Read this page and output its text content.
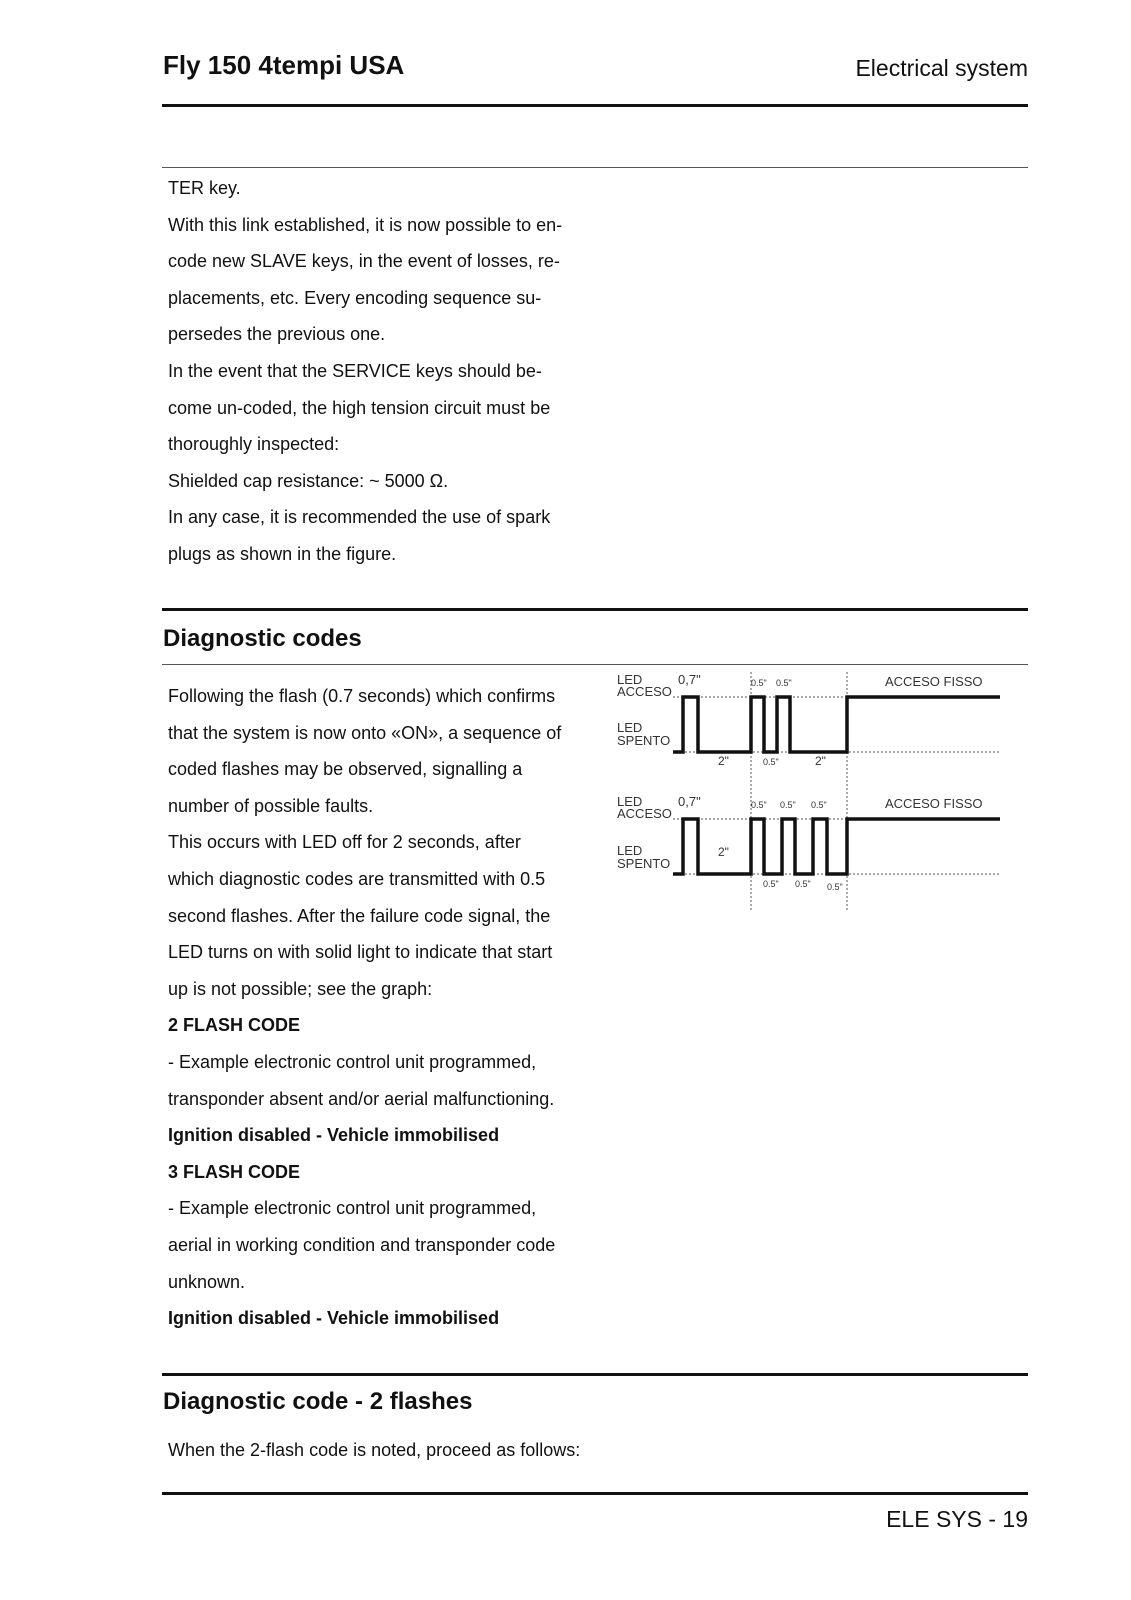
Fly 150 4tempi USA	Electrical system

TER key.

With this link established, it is now possible to en-

code new SLAVE keys, in the event of losses, re-

placements, etc. Every encoding sequence su-

persedes the previous one.

In the event that the SERVICE keys should be-

come un-coded, the high tension circuit must be

thoroughly inspected:

Shielded cap resistance: ~ 5000 Ω.

In any case, it is recommended the use of spark

plugs as shown in the figure.

Diagnostic codes

Following the flash (0.7 seconds) which confirms

that the system is now onto «ON», a sequence of

coded flashes may be observed, signalling a

number of possible faults.

This occurs with LED off for 2 seconds, after

which diagnostic codes are transmitted with 0.5

second flashes. After the failure code signal, the

LED turns on with solid light to indicate that start

up is not possible; see the graph:

2 FLASH CODE

- Example electronic control unit programmed,

transponder absent and/or aerial malfunctioning.

Ignition disabled - Vehicle immobilised

3 FLASH CODE

- Example electronic control unit programmed,

aerial in working condition and transponder code

unknown.

Ignition disabled - Vehicle immobilised

LED
ACCESO
LED
SPENTO
0,7"	0.5" 0.5"	ACCESO FISSO
2"	0.5"	2"
LED
ACCESO
LED
SPENTO
0,7"	0.5" 0.5" 0.5"	ACCESO FISSO
2"
0.5" 0.5" 0.5"
Diagnostic code - 2 flashes

When the 2-flash code is noted, proceed as follows:

ELE SYS - 19
